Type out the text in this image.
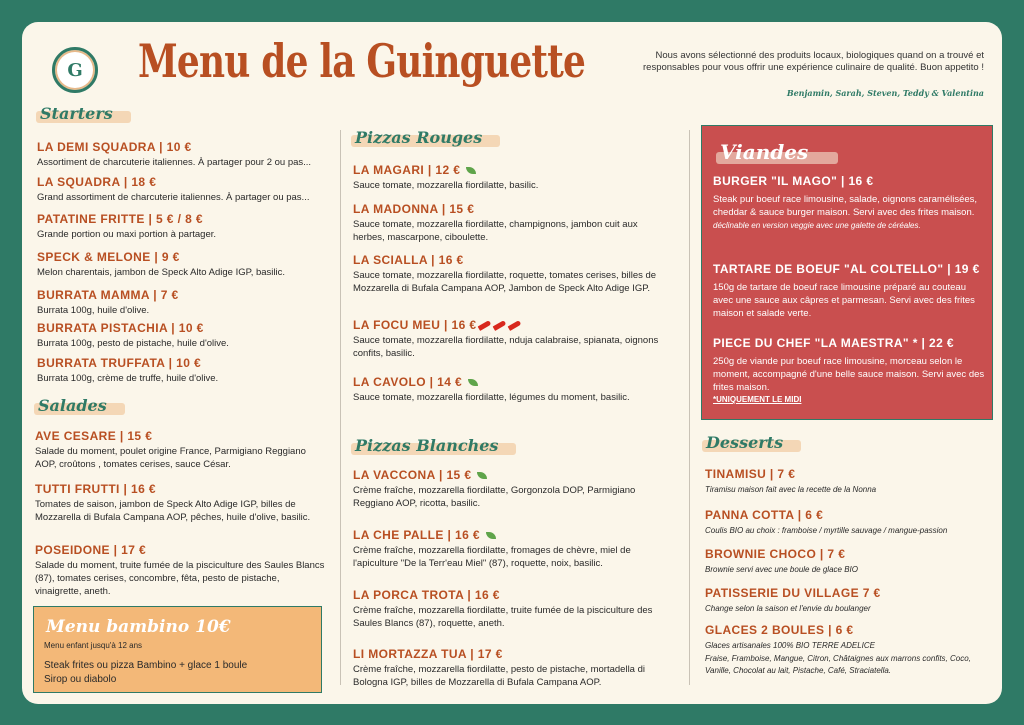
G Menu de la Guinguette	Nous avons sélectionné des produits locaux, biologiques quand on a trouvé et responsables pour vous offrir une expérience culinaire de qualité. Buon appetito !
Benjamin, Sarah, Steven, Teddy & Valentina
Starters
LA DEMI SQUADRA | 10 €
Assortiment de charcuterie italiennes. À partager pour 2 ou pas...
LA SQUADRA | 18 €
Grand assortiment de charcuterie italiennes. À partager ou pas...
PATATINE FRITTE | 5 € / 8 €
Grande portion ou maxi portion à partager.
SPECK & MELONE | 9 €
Melon charentais, jambon de Speck Alto Adige IGP, basilic.
BURRATA MAMMA | 7 €
Burrata 100g, huile d'olive.
BURRATA PISTACHIA | 10 €
Burrata 100g, pesto de pistache, huile d'olive.
BURRATA TRUFFATA | 10 €
Burrata 100g, crème de truffe, huile d'olive.
Salades
AVE CESARE | 15 €
Salade du moment, poulet origine France, Parmigiano Reggiano AOP, croûtons , tomates cerises, sauce César.
TUTTI FRUTTI | 16 €
Tomates de saison, jambon de Speck Alto Adige IGP, billes de Mozzarella di Bufala Campana AOP, pêches, huile d'olive, basilic.
POSEIDONE | 17 €
Salade du moment, truite fumée de la pisciculture des Saules Blancs (87), tomates cerises, concombre, fêta, pesto de pistache, vinaigrette, aneth.
Menu bambino 10€
Menu enfant jusqu'à 12 ans
Steak frites ou pizza Bambino + glace 1 boule
Sirop ou diabolo
Pizzas Rouges
LA MAGARI | 12 €
Sauce tomate, mozzarella fiordilatte, basilic.
LA MADONNA | 15 €
Sauce tomate, mozzarella fiordilatte, champignons, jambon cuit aux herbes, mascarpone, ciboulette.
LA SCIALLA | 16 €
Sauce tomate, mozzarella fiordilatte, roquette, tomates cerises, billes de Mozzarella di Bufala Campana AOP, Jambon de Speck Alto Adige IGP.
LA FOCU MEU | 16 €
Sauce tomate, mozzarella fiordilatte, nduja calabraise, spianata, oignons confits, basilic.
LA CAVOLO | 14 €
Sauce tomate, mozzarella fiordilatte, légumes du moment, basilic.
Pizzas Blanches
LA VACCONA | 15 €
Crème fraîche, mozzarella fiordilatte, Gorgonzola DOP, Parmigiano Reggiano AOP, ricotta, basilic.
LA CHE PALLE | 16 €
Crème fraîche, mozzarella fiordilatte, fromages de chèvre, miel de l'apiculture "De la Terr'eau Miel" (87), roquette, noix, basilic.
LA PORCA TROTA | 16 €
Crème fraîche, mozzarella fiordilatte, truite fumée de la pisciculture des Saules Blancs (87), roquette, aneth.
LI MORTAZZA TUA | 17 €
Crème fraîche, mozzarella fiordilatte, pesto de pistache, mortadella di Bologna IGP, billes de Mozzarella di Bufala Campana AOP.
Viandes
BURGER "IL MAGO" | 16 €
Steak pur boeuf race limousine, salade, oignons caramélisées, cheddar & sauce burger maison. Servi avec des frites maison.
déclinable en version veggie avec une galette de céréales.
TARTARE DE BOEUF "AL COLTELLO" | 19 €
150g de tartare de boeuf race limousine préparé au couteau avec une sauce aux câpres et parmesan. Servi avec des frites maison et salade verte.
PIECE DU CHEF "LA MAESTRA" * | 22 €
250g de viande pur boeuf race limousine, morceau selon le moment, accompagné d'une belle sauce maison. Servi avec des frites maison.
*UNIQUEMENT LE MIDI
Desserts
TINAMISU | 7 €
Tiramisu maison fait avec la recette de la Nonna
PANNA COTTA | 6 €
Coulis BIO au choix : framboise / myrtille sauvage / mangue-passion
BROWNIE CHOCO | 7 €
Brownie servi avec une boule de glace BIO
PATISSERIE DU VILLAGE 7 €
Change selon la saison et l'envie du boulanger
GLACES 2 BOULES | 6 €
Glaces artisanales 100% BIO TERRE ADELICE
Fraise, Framboise, Mangue, Citron, Châtaignes aux marrons confits, Coco, Vanille, Chocolat au lait, Pistache, Café, Straciatella.
